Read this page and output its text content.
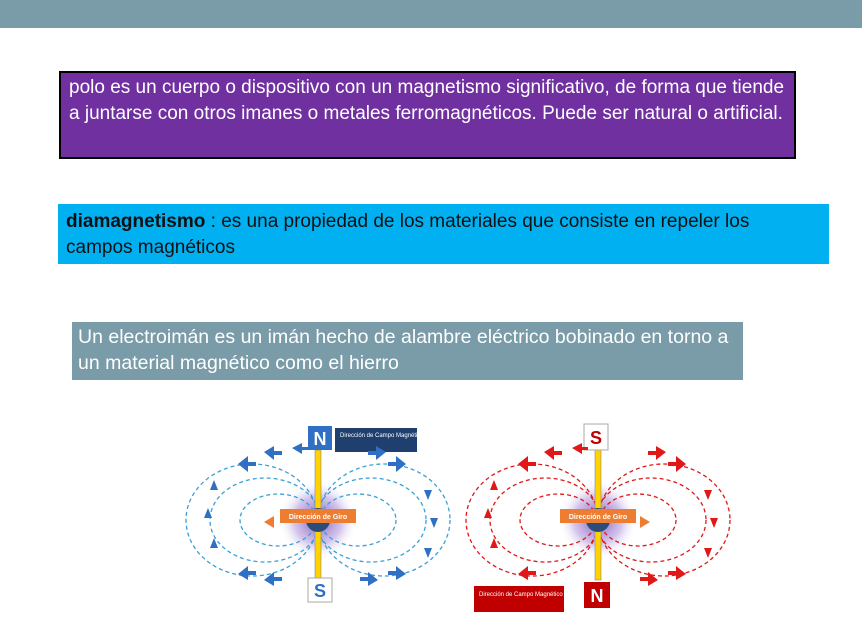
polo es un cuerpo o dispositivo con un magnetismo significativo, de forma que tiende a juntarse con otros imanes o metales ferromagnéticos. Puede ser natural o artificial.
diamagnetismo : es una propiedad de los materiales que consiste en repeler los campos magnéticos
Un electroimán es un imán hecho de alambre eléctrico bobinado en torno a un material magnético como el hierro
Dirección de Giro
N Dirección de Campo Magnético
S
Dirección de Giro
S
Dirección de Campo Magnético N
